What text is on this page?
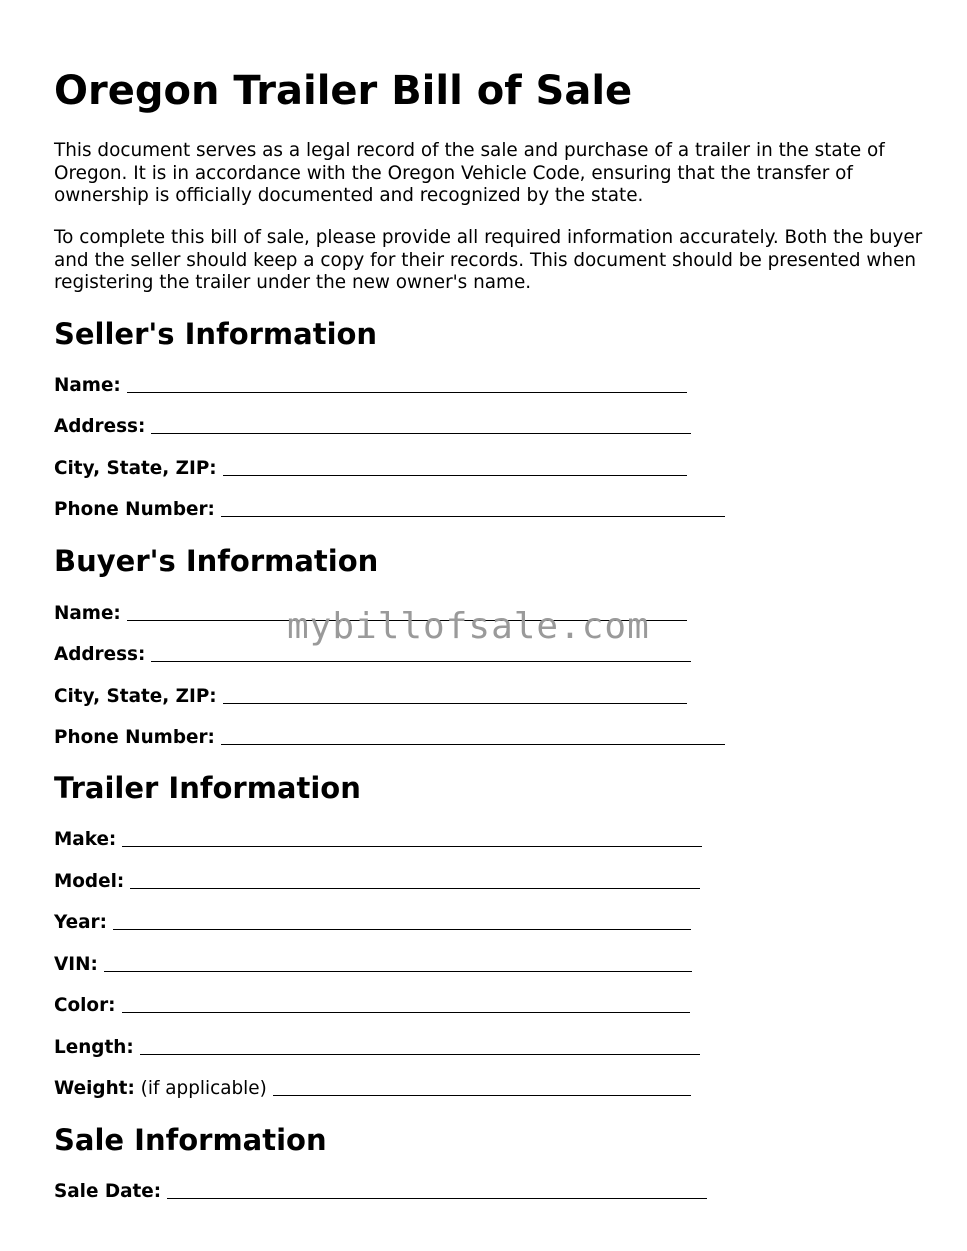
Oregon Trailer Bill of Sale

This document serves as a legal record of the sale and purchase of a trailer in the state of Oregon. It is in accordance with the Oregon Vehicle Code, ensuring that the transfer of ownership is officially documented and recognized by the state.

To complete this bill of sale, please provide all required information accurately. Both the buyer and the seller should keep a copy for their records. This document should be presented when registering the trailer under the new owner's name.

Seller's Information
Name:
Address:
City, State, ZIP:
Phone Number:
Buyer's Information
Name:
Address:
City, State, ZIP:
Phone Number:
Trailer Information
Make:
Model:
Year:
VIN:
Color:
Length:
Weight: (if applicable)
Sale Information
Sale Date:
mybillofsale.com
